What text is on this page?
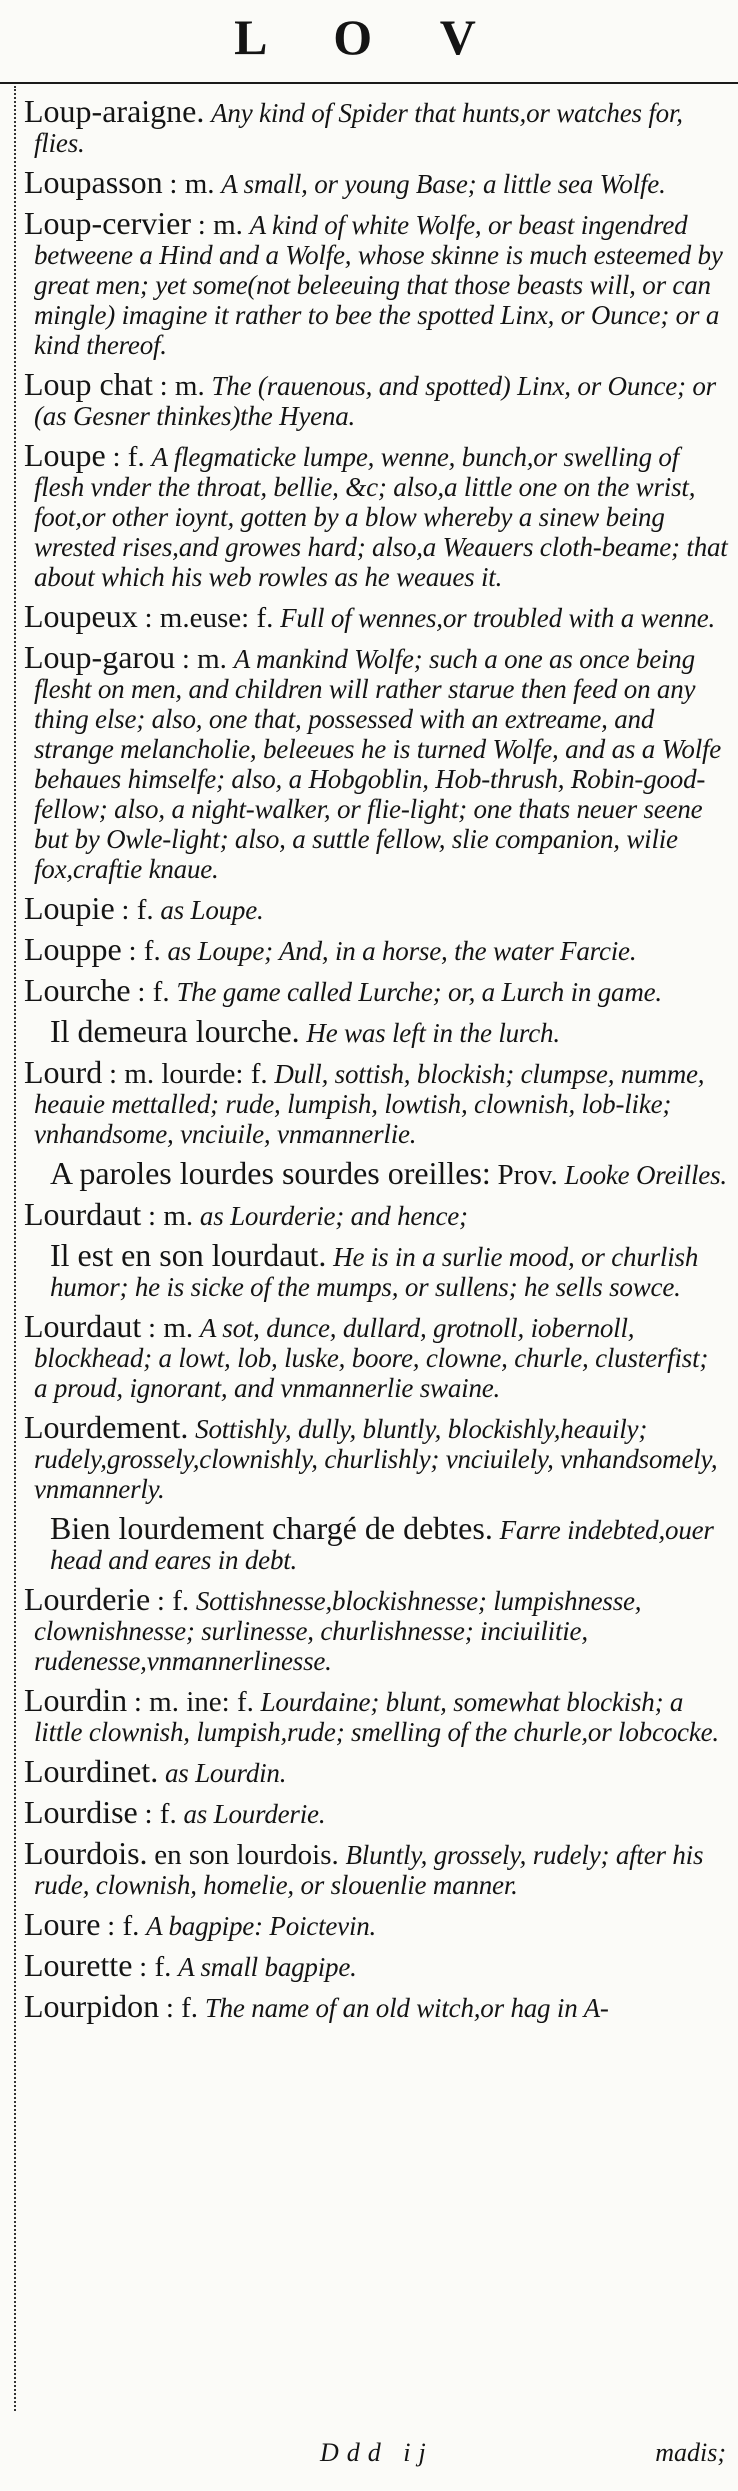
L O V
Loup-araigne. Any kind of Spider that hunts,or watches for, flies.
Loupasson : m. A small, or young Base; a little sea Wolfe.
Loup-cervier : m. A kind of white Wolfe, or beast ingendred betweene a Hind and a Wolfe, whose skinne is much esteemed by great men; yet some(not beleeuing that those beasts will, or can mingle) imagine it rather to bee the spotted Linx, or Ounce; or a kind thereof.
Loup chat : m. The (rauenous, and spotted) Linx, or Ounce; or (as Gesner thinkes)the Hyena.
Loupe : f. A flegmaticke lumpe, wenne, bunch,or swelling of flesh vnder the throat, bellie, &c; also,a little one on the wrist, foot,or other ioynt, gotten by a blow whereby a sinew being wrested rises,and growes hard; also,a Weauers cloth-beame; that about which his web rowles as he weaues it.
Loupeux : m.euse: f. Full of wennes,or troubled with a wenne.
Loup-garou : m. A mankind Wolfe; such a one as once being flesht on men, and children will rather starue then feed on any thing else; also, one that, possessed with an extreame, and strange melancholie, beleeues he is turned Wolfe, and as a Wolfe behaues himselfe; also, a Hobgoblin, Hob-thrush, Robin-good-fellow; also, a night-walker, or flie-light; one thats neuer seene but by Owle-light; also, a suttle fellow, slie companion, wilie fox,craftie knaue.
Loupie : f. as Loupe.
Louppe : f. as Loupe; And, in a horse, the water Farcie.
Lourche : f. The game called Lurche; or, a Lurch in game.
Il demeura lourche. He was left in the lurch.
Lourd : m. lourde: f. Dull, sottish, blockish; clumpse, numme, heauie mettalled; rude, lumpish, lowtish, clownish, lob-like; vnhandsome, vnciuile, vnmannerlie.
A paroles lourdes sourdes oreilles: Prov. Looke Oreilles.
Lourdaut : m. as Lourderie; and hence;
Il est en son lourdaut. He is in a surlie mood, or churlish humor; he is sicke of the mumps, or sullens; he sells sowce.
Lourdaut : m. A sot, dunce, dullard, grotnoll, iobernoll, blockhead; a lowt, lob, luske, boore, clowne, churle, clusterfist; a proud, ignorant, and vnmannerlie swaine.
Lourdement. Sottishly, dully, bluntly, blockishly,heauily; rudely,grossely,clownishly, churlishly; vnciuilely, vnhandsomely, vnmannerly.
Bien lourdement chargé de debtes. Farre indebted,ouer head and eares in debt.
Lourderie : f. Sottishnesse,blockishnesse; lumpishnesse, clownishnesse; surlinesse, churlishnesse; inciuilitie, rudenesse,vnmannerlinesse.
Lourdin : m. ine: f. Lourdaine; blunt, somewhat blockish; a little clownish, lumpish,rude; smelling of the churle,or lobcocke.
Lourdinet. as Lourdin.
Lourdise : f. as Lourderie.
Lourdois. en son lourdois. Bluntly, grossely, rudely; after his rude, clownish, homelie, or slouenlie manner.
Loure : f. A bagpipe: Poictevin.
Lourette : f. A small bagpipe.
Lourpidon : f. The name of an old witch,or hag in A-
Ddd ij	madis;
